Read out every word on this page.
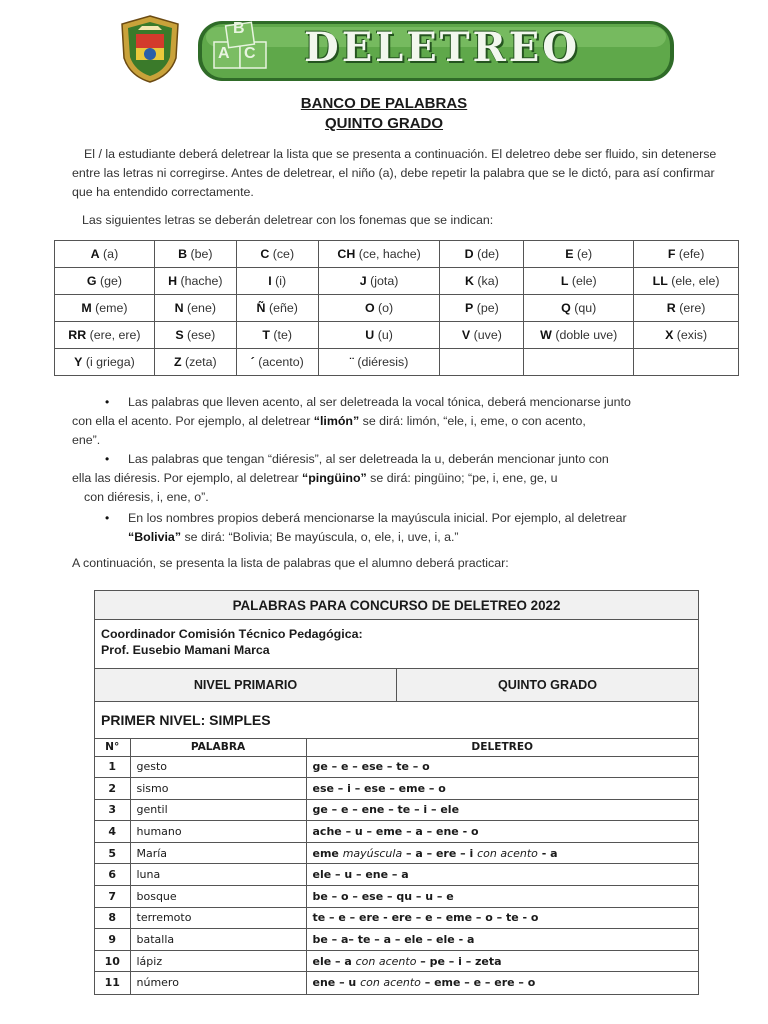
A
B
C DELETREO
BANCO DE PALABRAS
QUINTO GRADO
El / la estudiante deberá deletrear la lista que se presenta a continuación. El deletreo debe ser fluido, sin detenerse entre las letras ni corregirse. Antes de deletrear, el niño (a), debe repetir la palabra que se le dictó, para así confirmar que ha entendido correctamente.
Las siguientes letras se deberán deletrear con los fonemas que se indican:
A (a)	B (be)	C (ce)	CH (ce, hache)	D (de)	E (e)	F (efe)
G (ge)	H (hache)	I (i)	J (jota)	K (ka)	L (ele)	LL (ele, ele)
M (eme)	N (ene)	Ñ (eñe)	O (o)	P (pe)	Q (qu)	R (ere)
RR (ere, ere)	S (ese)	T (te)	U (u)	V (uve)	W (doble uve)	X (exis)
Y (i griega)	Z (zeta)	´ (acento)	¨ (diéresis)			
• Las palabras que lleven acento, al ser deletreada la vocal tónica, deberá mencionarse junto
con ella el acento. Por ejemplo, al deletrear “limón” se dirá: limón, “ele, i, eme, o con acento,
ene”.
• Las palabras que tengan “diéresis”, al ser deletreada la u, deberán mencionar junto con
ella las diéresis. Por ejemplo, al deletrear “pingüino” se dirá: pingüino; “pe, i, ene, ge, u
con diéresis, i, ene, o”.
• En los nombres propios deberá mencionarse la mayúscula inicial. Por ejemplo, al deletrear
“Bolivia” se dirá: “Bolivia; Be mayúscula, o, ele, i, uve, i, a.”
A continuación, se presenta la lista de palabras que el alumno deberá practicar:
PALABRAS PARA CONCURSO DE DELETREO 2022
Coordinador Comisión Técnico Pedagógica:
Prof. Eusebio Mamani Marca
NIVEL PRIMARIO	QUINTO GRADO
PRIMER NIVEL: SIMPLES
N°	PALABRA	DELETREO
1	gesto	ge – e – ese – te – o
2	sismo	ese – i – ese – eme – o
3	gentil	ge – e – ene – te – i – ele
4	humano	ache – u – eme – a – ene - o
5	María	eme mayúscula – a – ere – i con acento - a
6	luna	ele – u – ene – a
7	bosque	be – o – ese – qu – u – e
8	terremoto	te – e – ere - ere – e – eme – o – te - o
9	batalla	be – a– te – a – ele – ele - a
10	lápiz	ele – a con acento – pe – i – zeta
11	número	ene – u con acento – eme – e – ere – o
